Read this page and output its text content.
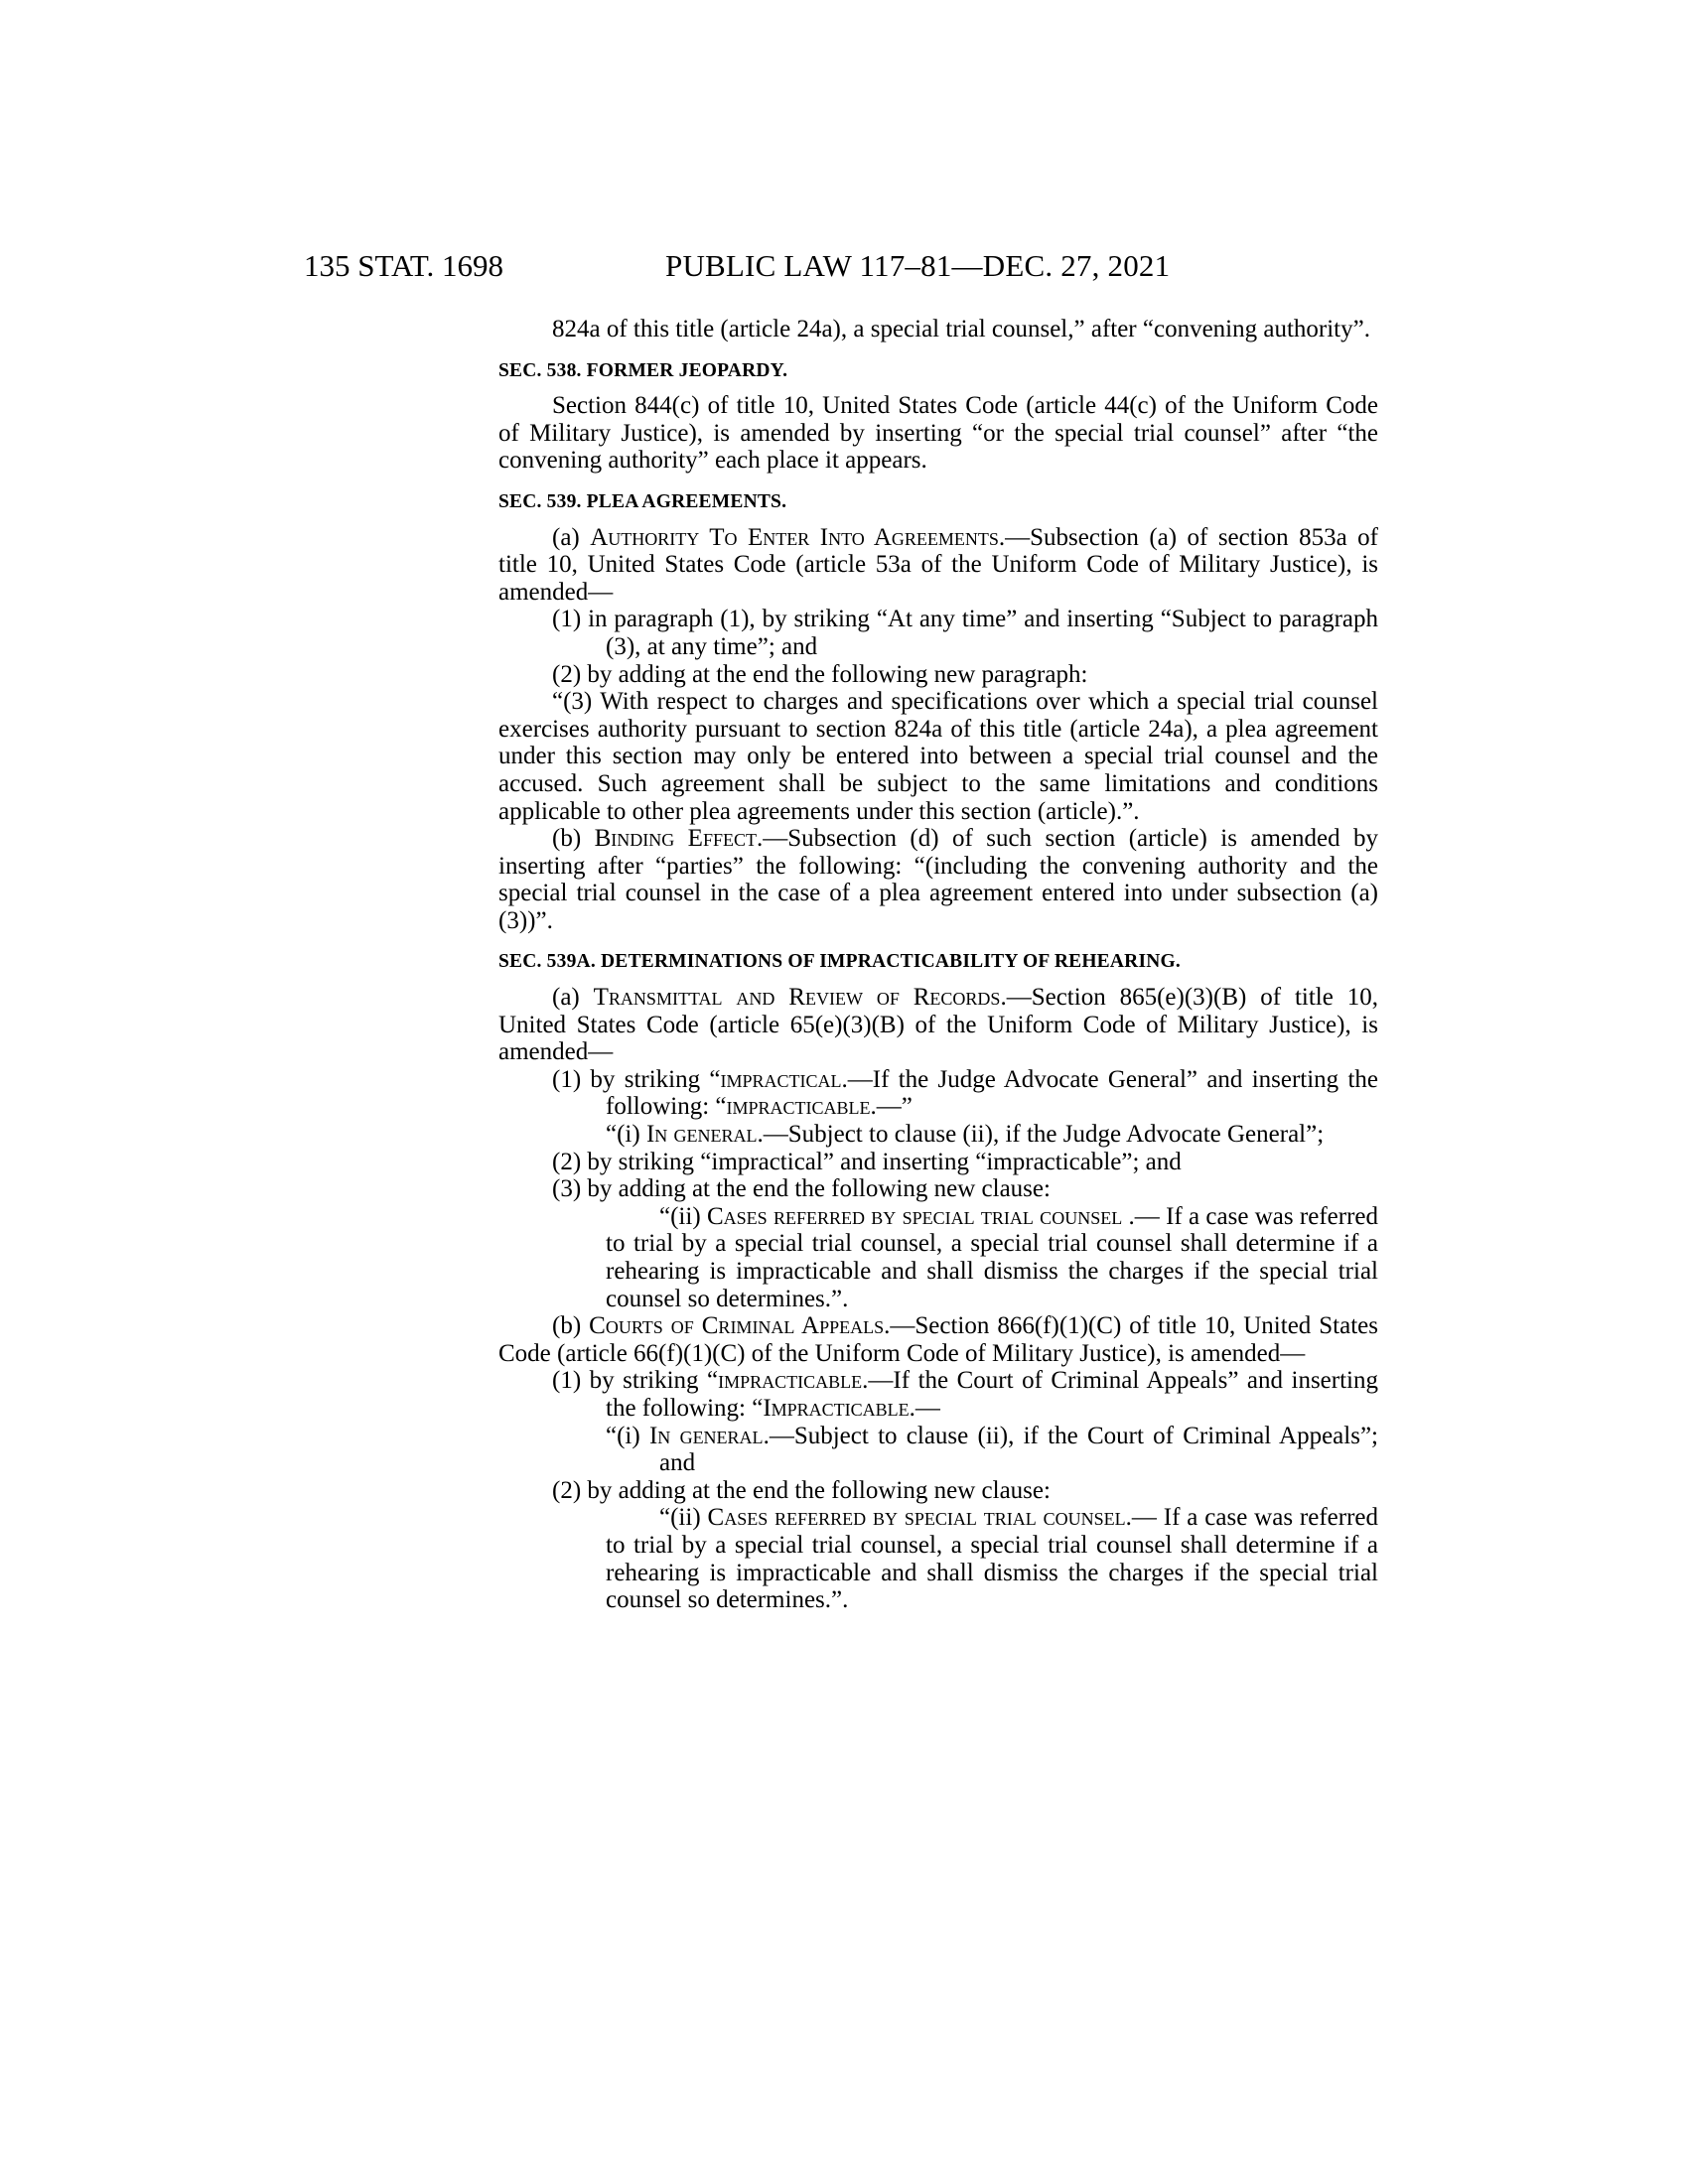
135 STAT. 1698	PUBLIC LAW 117–81—DEC. 27, 2021

824a of this title (article 24a), a special trial counsel,” after “convening authority”.

SEC. 538. FORMER JEOPARDY.

Section 844(c) of title 10, United States Code (article 44(c) of the Uniform Code of Military Justice), is amended by inserting “or the special trial counsel” after “the convening authority” each place it appears.

SEC. 539. PLEA AGREEMENTS.

(a) Authority To Enter Into Agreements.—Subsection (a) of section 853a of title 10, United States Code (article 53a of the Uniform Code of Military Justice), is amended—

(1) in paragraph (1), by striking “At any time” and inserting “Subject to paragraph (3), at any time”; and

(2) by adding at the end the following new paragraph:

“(3) With respect to charges and specifications over which a special trial counsel exercises authority pursuant to section 824a of this title (article 24a), a plea agreement under this section may only be entered into between a special trial counsel and the accused. Such agreement shall be subject to the same limitations and conditions applicable to other plea agreements under this section (article).”.

(b) Binding Effect.—Subsection (d) of such section (article) is amended by inserting after “parties” the following: “(including the convening authority and the special trial counsel in the case of a plea agreement entered into under subsection (a)(3))”.

SEC. 539A. DETERMINATIONS OF IMPRACTICABILITY OF REHEARING.

(a) Transmittal and Review of Records.—Section 865(e)(3)(B) of title 10, United States Code (article 65(e)(3)(B) of the Uniform Code of Military Justice), is amended—

(1) by striking “impractical.—If the Judge Advocate General” and inserting the following: “impracticable.—”

“(i) In general.—Subject to clause (ii), if the Judge Advocate General”;

(2) by striking “impractical” and inserting “impracticable”; and

(3) by adding at the end the following new clause:

“(ii) Cases referred by special trial counsel .— If a case was referred to trial by a special trial counsel, a special trial counsel shall determine if a rehearing is impracticable and shall dismiss the charges if the special trial counsel so determines.”.

(b) Courts of Criminal Appeals.—Section 866(f)(1)(C) of title 10, United States Code (article 66(f)(1)(C) of the Uniform Code of Military Justice), is amended—

(1) by striking “impracticable.—If the Court of Criminal Appeals” and inserting the following: “Impracticable.—

“(i) In general.—Subject to clause (ii), if the Court of Criminal Appeals”; and

(2) by adding at the end the following new clause:

“(ii) Cases referred by special trial counsel.— If a case was referred to trial by a special trial counsel, a special trial counsel shall determine if a rehearing is impracticable and shall dismiss the charges if the special trial counsel so determines.”.
